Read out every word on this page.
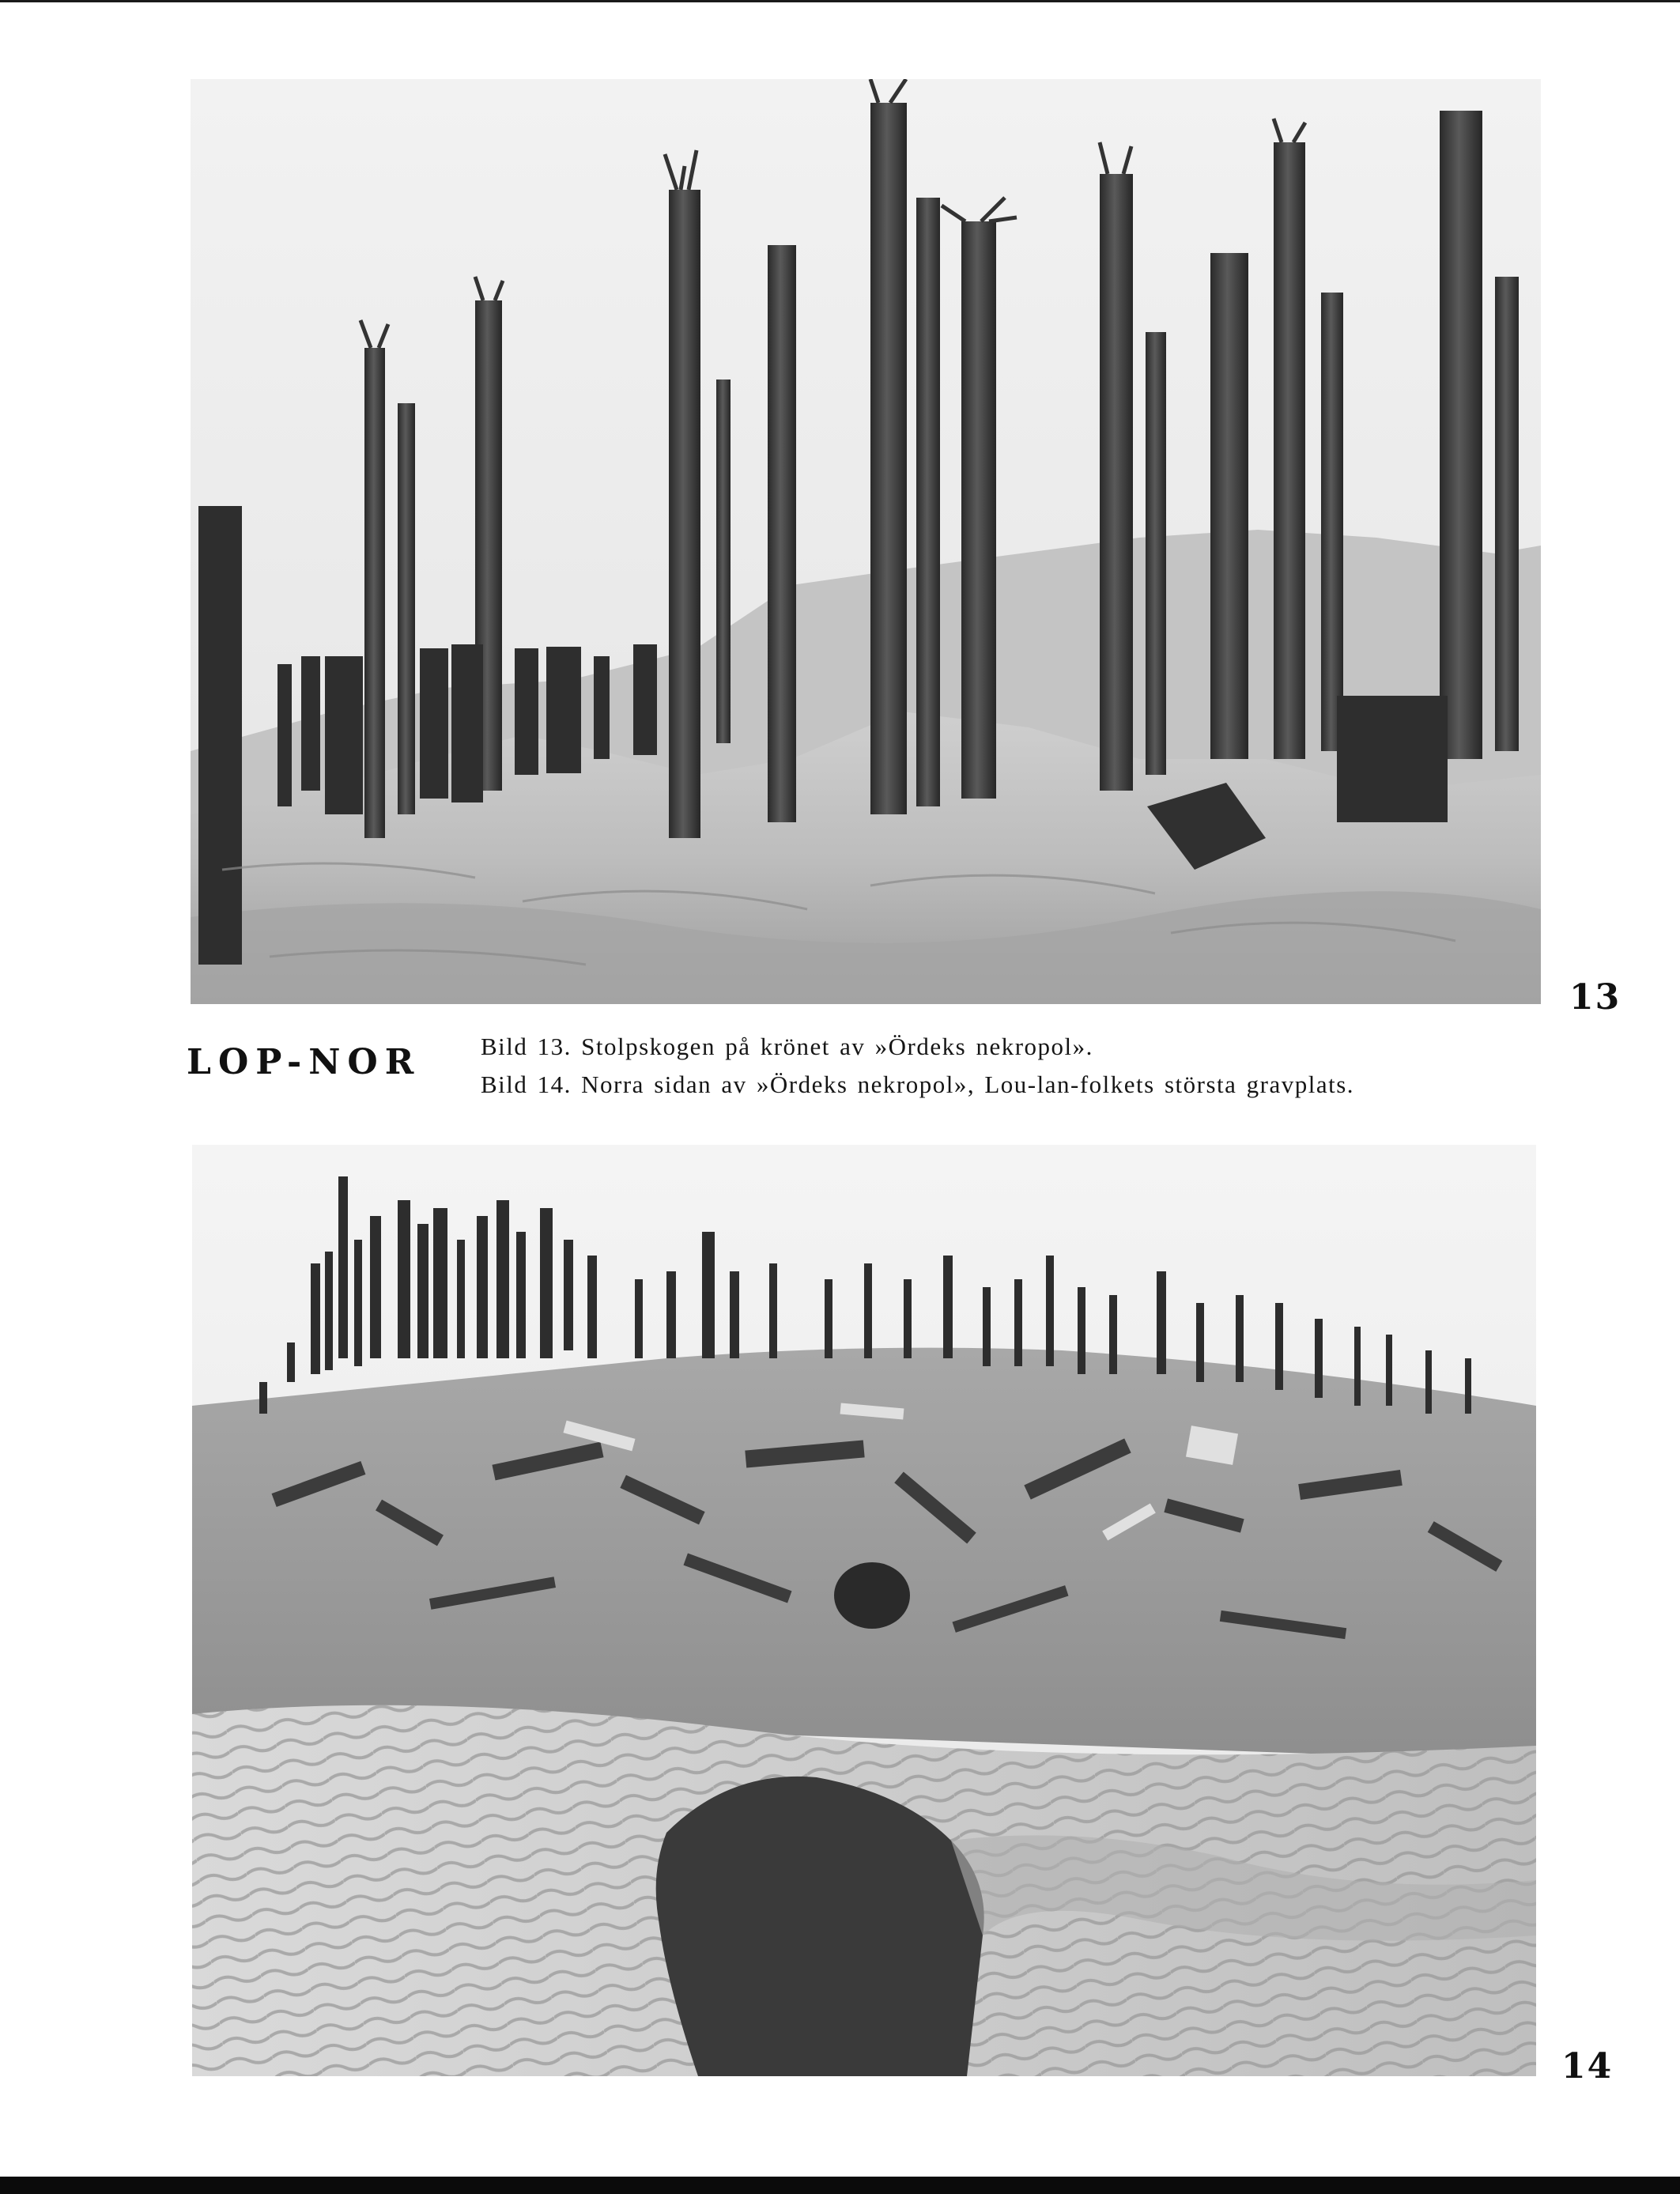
13
LOP-NOR Bild 13. Stolpskogen på krönet av »Ördeks nekropol».

Bild 14. Norra sidan av »Ördeks nekropol», Lou-lan-folkets största gravplats.

14
